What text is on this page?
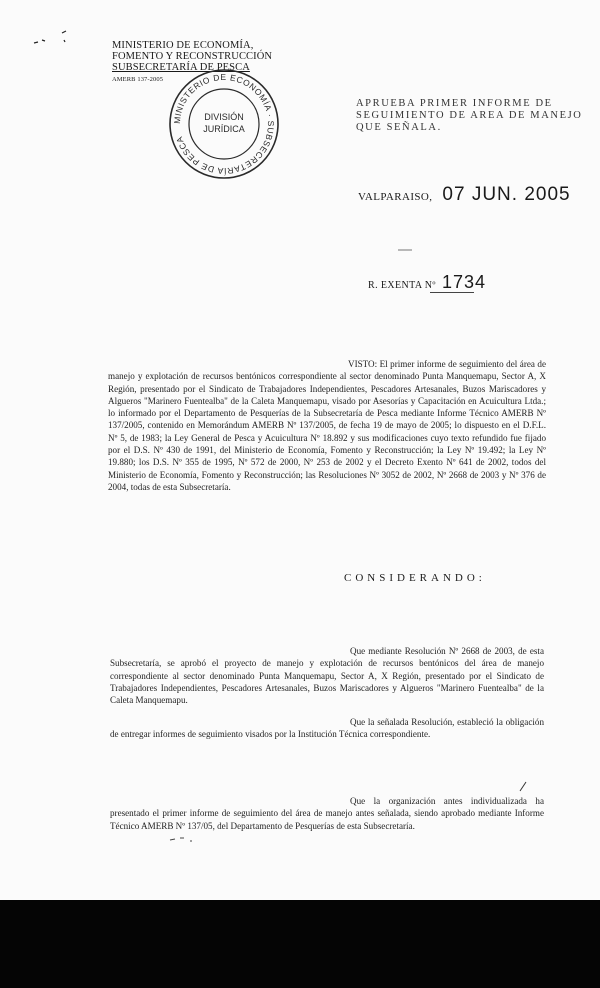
MINISTERIO DE ECONOMÍA,
FOMENTO Y RECONSTRUCCIÓN
SUBSECRETARÍA DE PESCA
AMERB 137-2005
MINISTERIO DE ECONOMÍA · SUBSECRETARÍA DE PESCA
DIVISIÓN
JURÍDICA
APRUEBA PRIMER INFORME DE
SEGUIMIENTO DE AREA DE MANEJO
QUE SEÑALA.
VALPARAISO, 07 JUN. 2005
R. EXENTA Nº 1734
VISTO: El primer informe de seguimiento del área de manejo y explotación de recursos bentónicos correspondiente al sector denominado Punta Manquemapu, Sector A, X Región, presentado por el Sindicato de Trabajadores Independientes, Pescadores Artesanales, Buzos Mariscadores y Algueros "Marinero Fuentealba" de la Caleta Manquemapu, visado por Asesorías y Capacitación en Acuicultura Ltda.; lo informado por el Departamento de Pesquerías de la Subsecretaría de Pesca mediante Informe Técnico AMERB Nº 137/2005, contenido en Memorándum AMERB Nº 137/2005, de fecha 19 de mayo de 2005; lo dispuesto en el D.F.L. Nº 5, de 1983; la Ley General de Pesca y Acuicultura Nº 18.892 y sus modificaciones cuyo texto refundido fue fijado por el D.S. Nº 430 de 1991, del Ministerio de Economía, Fomento y Reconstrucción; la Ley Nº 19.492; la Ley Nº 19.880; los D.S. Nº 355 de 1995, Nº 572 de 2000, Nº 253 de 2002 y el Decreto Exento Nº 641 de 2002, todos del Ministerio de Economía, Fomento y Reconstrucción; las Resoluciones Nº 3052 de 2002, Nº 2668 de 2003 y Nº 376 de 2004, todas de esta Subsecretaría.
CONSIDERANDO:
Que mediante Resolución Nº 2668 de 2003, de esta Subsecretaría, se aprobó el proyecto de manejo y explotación de recursos bentónicos del área de manejo correspondiente al sector denominado Punta Manquemapu, Sector A, X Región, presentado por el Sindicato de Trabajadores Independientes, Pescadores Artesanales, Buzos Mariscadores y Algueros "Marinero Fuentealba" de la Caleta Manquemapu.
Que la señalada Resolución, estableció la obligación de entregar informes de seguimiento visados por la Institución Técnica correspondiente.
Que la organización antes individualizada ha presentado el primer informe de seguimiento del área de manejo antes señalada, siendo aprobado mediante Informe Técnico AMERB Nº 137/05, del Departamento de Pesquerías de esta Subsecretaría.
